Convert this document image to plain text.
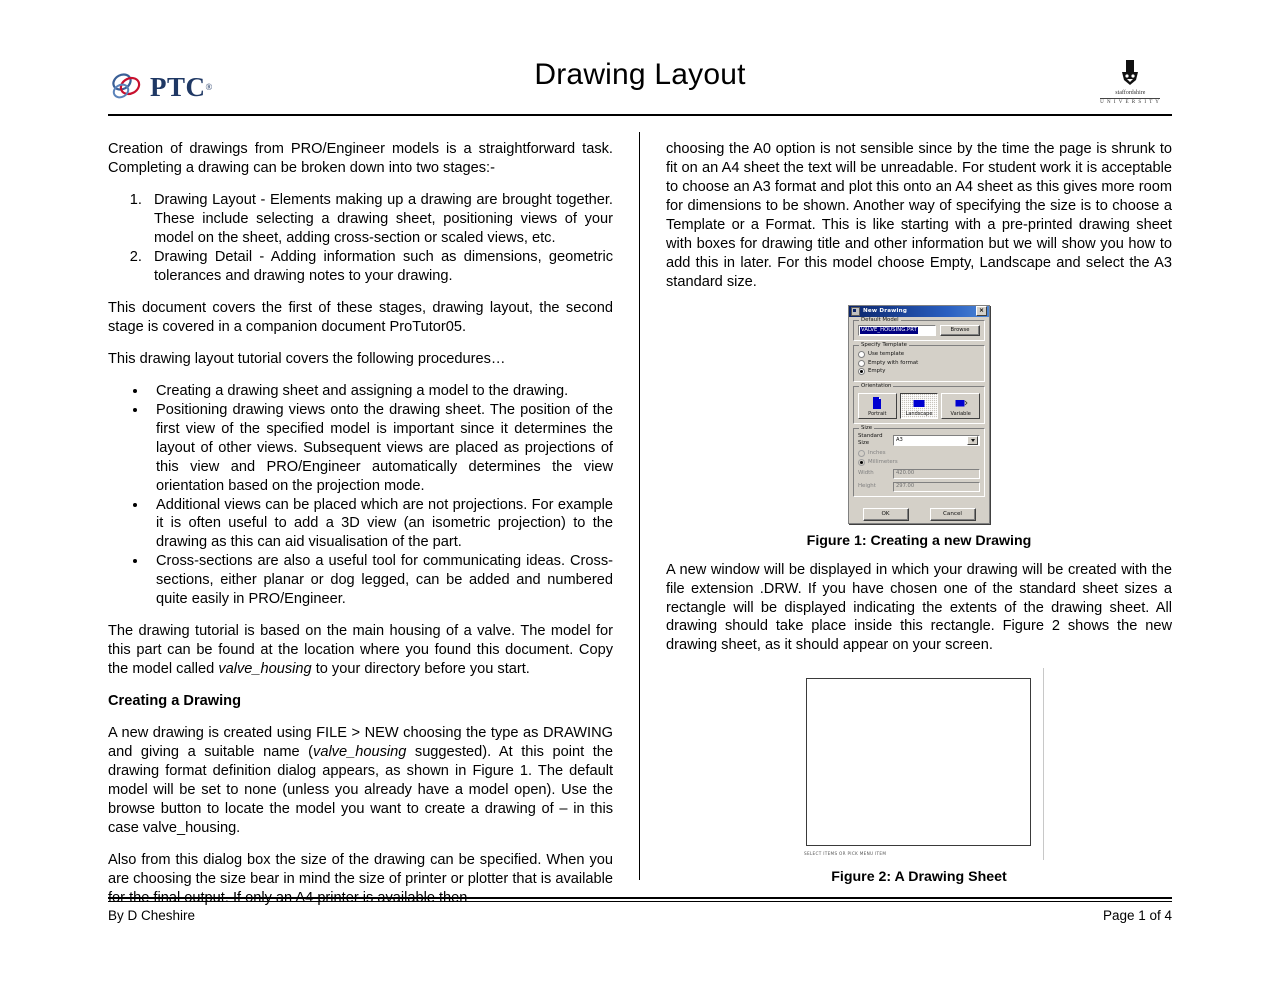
PTC ®	Drawing Layout
staffordshire
U N I V E R S I T Y

Creation of drawings from PRO/Engineer models is a straightforward task. Completing a drawing can be broken down into two stages:-

1. Drawing Layout - Elements making up a drawing are brought together. These include selecting a drawing sheet, positioning views of your model on the sheet, adding cross-section or scaled views, etc.
2. Drawing Detail - Adding information such as dimensions, geometric tolerances and drawing notes to your drawing.

This document covers the first of these stages, drawing layout, the second stage is covered in a companion document ProTutor05.

This drawing layout tutorial covers the following procedures…

• Creating a drawing sheet and assigning a model to the drawing.
• Positioning drawing views onto the drawing sheet. The position of the first view of the specified model is important since it determines the layout of other views. Subsequent views are placed as projections of this view and PRO/Engineer automatically determines the view orientation based on the projection mode.
• Additional views can be placed which are not projections. For example it is often useful to add a 3D view (an isometric projection) to the drawing as this can aid visualisation of the part.
• Cross-sections are also a useful tool for communicating ideas. Cross-sections, either planar or dog legged, can be added and numbered quite easily in PRO/Engineer.

The drawing tutorial is based on the main housing of a valve. The model for this part can be found at the location where you found this document. Copy the model called valve_housing to your directory before you start.

Creating a Drawing

A new drawing is created using FILE > NEW choosing the type as DRAWING and giving a suitable name (valve_housing suggested). At this point the drawing format definition dialog appears, as shown in Figure 1. The default model will be set to none (unless you already have a model open). Use the browse button to locate the model you want to create a drawing of – in this case valve_housing.

Also from this dialog box the size of the drawing can be specified. When you are choosing the size bear in mind the size of printer or plotter that is available for the final output. If only an A4 printer is available then

choosing the A0 option is not sensible since by the time the page is shrunk to fit on an A4 sheet the text will be unreadable. For student work it is acceptable to choose an A3 format and plot this onto an A4 sheet as this gives more room for dimensions to be shown. Another way of specifying the size is to choose a Template or a Format. This is like starting with a pre-printed drawing sheet with boxes for drawing title and other information but we will show you how to add this in later. For this model choose Empty, Landscape and select the A3 standard size.

New Drawing	×
Default Model
VALVE_HOUSING.PRT	Browse
Specify Template
Use template
Empty with format
Empty
Orientation
Portrait	Landscape	Variable
Size
Standard Size
A3
Inches
Millimeters
Width	420.00
Height	297.00
OK	Cancel
Figure 1: Creating a new Drawing

A new window will be displayed in which your drawing will be created with the file extension .DRW. If you have chosen one of the standard sheet sizes a rectangle will be displayed indicating the extents of the drawing sheet. All drawing should take place inside this rectangle. Figure 2 shows the new drawing sheet, as it should appear on your screen.

SELECT ITEMS OR PICK MENU ITEM
Figure 2: A Drawing Sheet
By D Cheshire	Page 1 of 4
